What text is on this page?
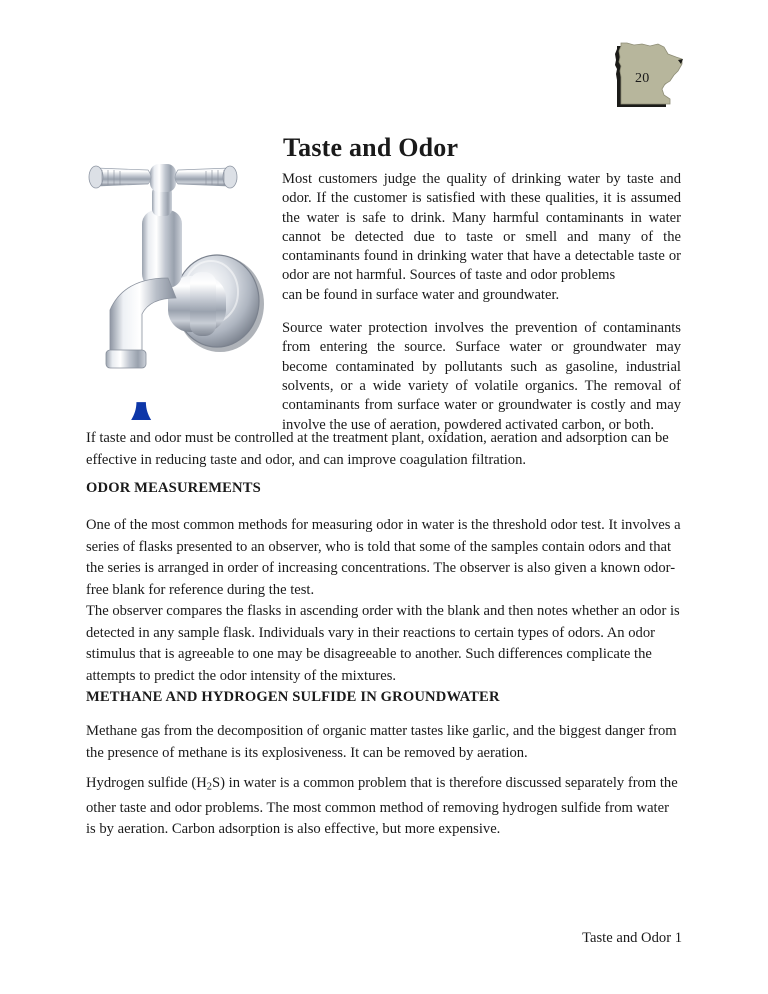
20
Taste and Odor

Most customers judge the quality of drinking water by taste and odor. If the customer is satisfied with these qualities, it is assumed the water is safe to drink. Many harmful contaminants in water cannot be detected due to taste or smell and many of the contaminants found in drinking water that have a detectable taste or odor are not harmful. Sources of taste and odor problems
can be found in surface water and groundwater.

Source water protection involves the prevention of contaminants from entering the source. Surface water or groundwater may become contaminated by pollutants such as gasoline, industrial solvents, or a wide variety of volatile organics. The removal of contaminants from surface water or groundwater is costly and may involve the use of aeration, powdered activated carbon, or both.

If taste and odor must be controlled at the treatment plant, oxidation, aeration and adsorption can be effective in reducing taste and odor, and can improve coagulation filtration.

ODOR MEASUREMENTS

One of the most common methods for measuring odor in water is the threshold odor test. It involves a series of flasks presented to an observer, who is told that some of the samples contain odors and that the series is arranged in order of increasing concentrations. The observer is also given a known odor-free blank for reference during the test.

The observer compares the flasks in ascending order with the blank and then notes whether an odor is detected in any sample flask. Individuals vary in their reactions to certain types of odors. An odor stimulus that is agreeable to one may be disagreeable to another. Such differences complicate the attempts to predict the odor intensity of the mixtures.

METHANE AND HYDROGEN SULFIDE IN GROUNDWATER

Methane gas from the decomposition of organic matter tastes like garlic, and the biggest danger from the presence of methane is its explosiveness. It can be removed by aeration.

Hydrogen sulfide $(H_2S)$ in water is a common problem that is therefore discussed separately from the other taste and odor problems. The most common method of removing hydrogen sulfide from water is by aeration. Carbon adsorption is also effective, but more expensive.

Taste and Odor 1
